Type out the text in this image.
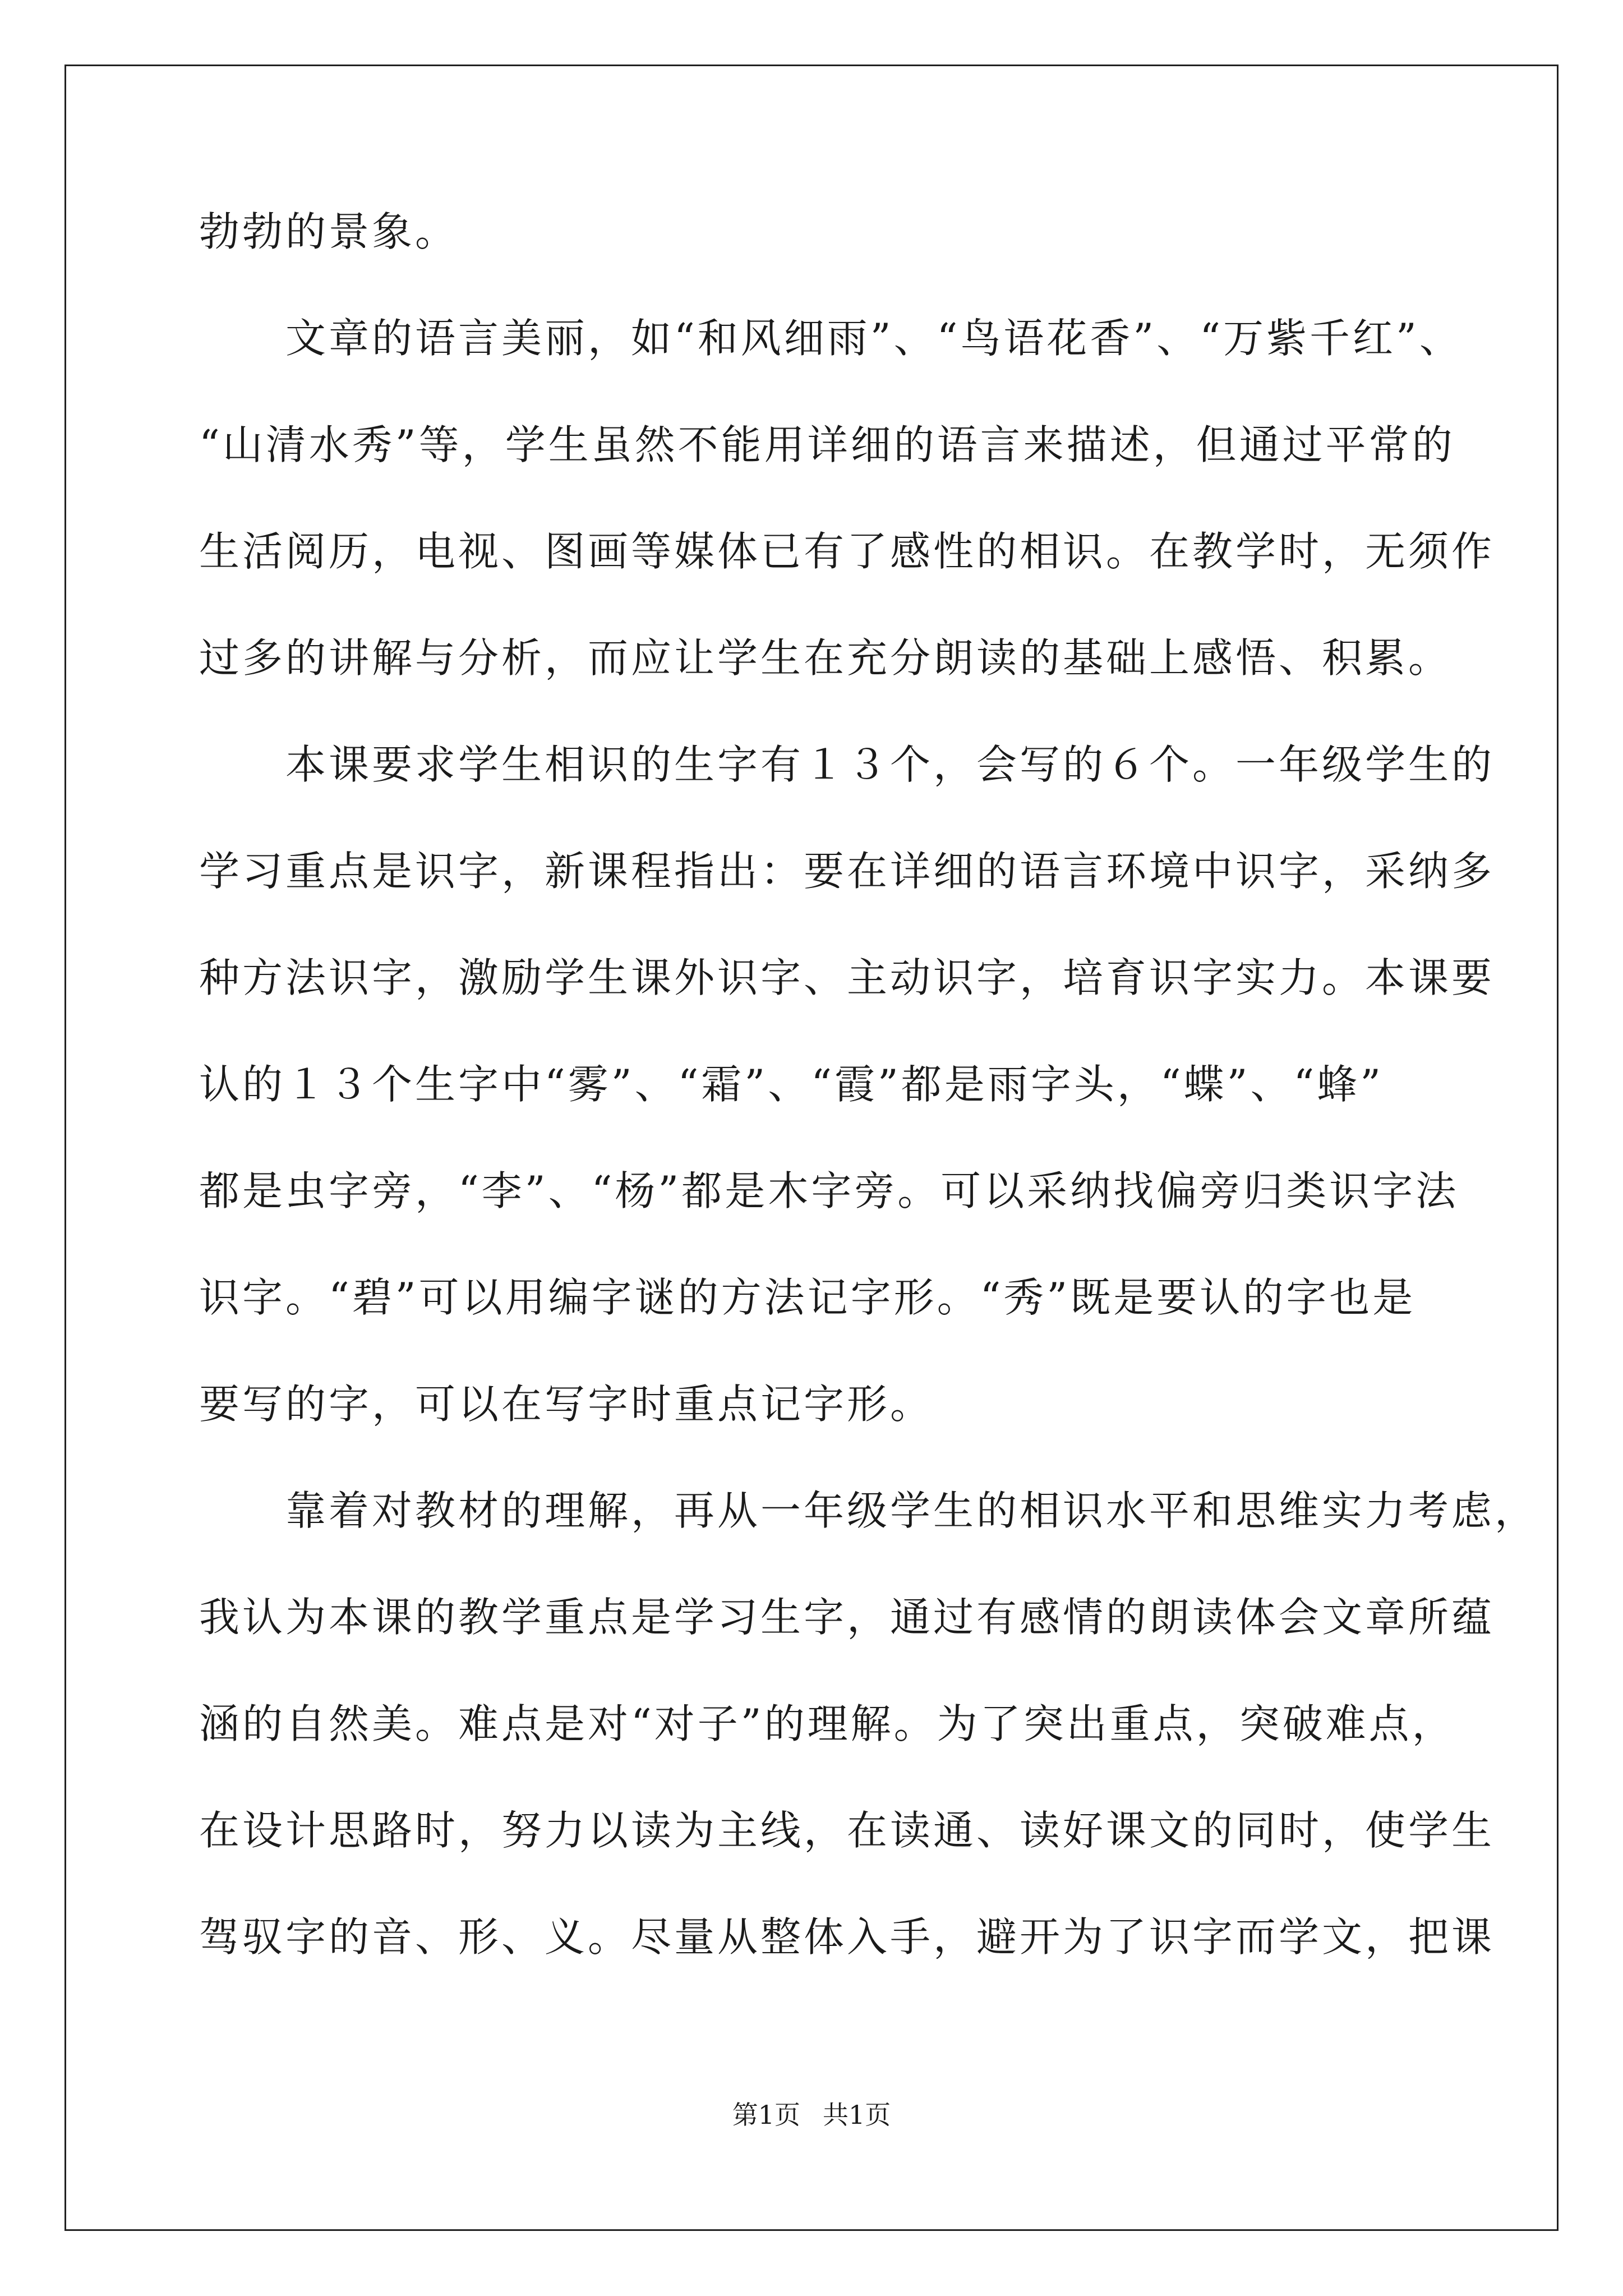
勃勃的景象。
　　文章的语言美丽，如“和风细雨”、“鸟语花香”、“万紫千红”、
“山清水秀”等，学生虽然不能用详细的语言来描述，但通过平常的
生活阅历，电视、图画等媒体已有了感性的相识。在教学时，无须作
过多的讲解与分析，而应让学生在充分朗读的基础上感悟、积累。
　　本课要求学生相识的生字有１３个，会写的６个。一年级学生的
学习重点是识字，新课程指出：要在详细的语言环境中识字，采纳多
种方法识字，激励学生课外识字、主动识字，培育识字实力。本课要
认的１３个生字中“雾”、“霜”、“霞”都是雨字头，“蝶”、“蜂”
都是虫字旁，“李”、“杨”都是木字旁。可以采纳找偏旁归类识字法
识字。“碧”可以用编字谜的方法记字形。“秀”既是要认的字也是
要写的字，可以在写字时重点记字形。
　　靠着对教材的理解，再从一年级学生的相识水平和思维实力考虑，
我认为本课的教学重点是学习生字，通过有感情的朗读体会文章所蕴
涵的自然美。难点是对“对子”的理解。为了突出重点，突破难点，
在设计思路时，努力以读为主线，在读通、读好课文的同时，使学生
驾驭字的音、形、义。尽量从整体入手，避开为了识字而学文，把课
第1页 共1页
